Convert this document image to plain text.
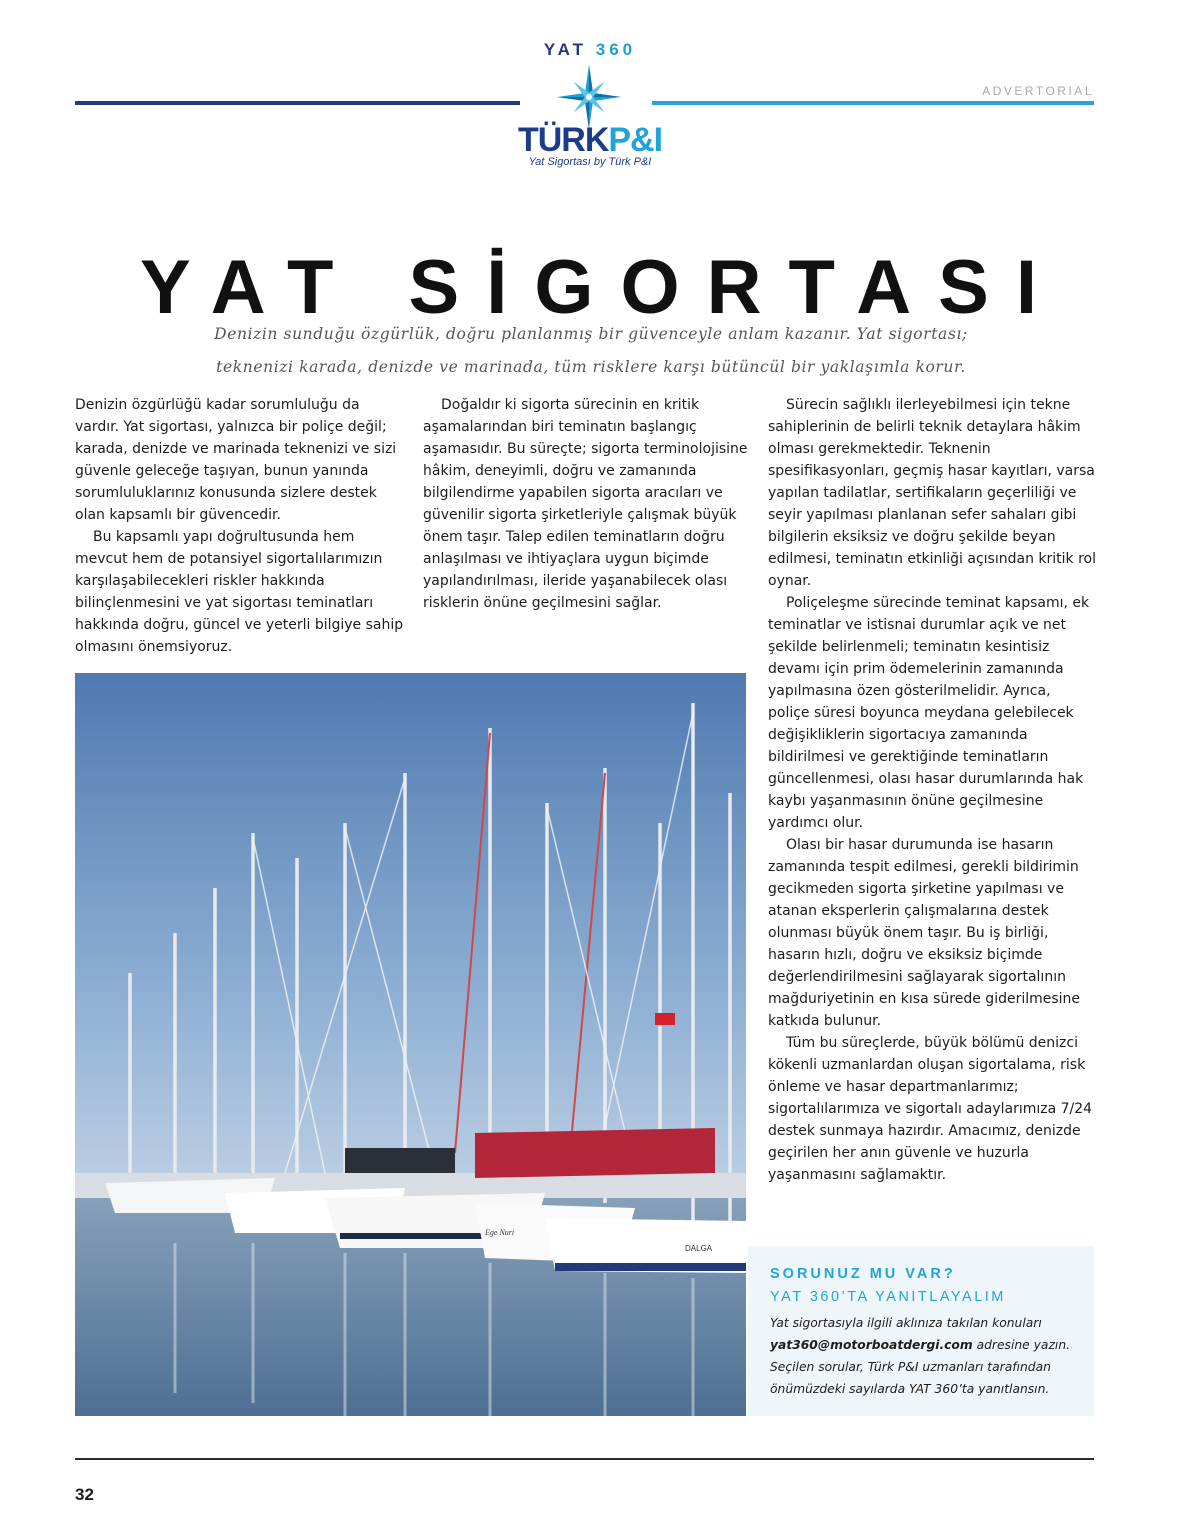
YAT 360
ADVERTORIAL
TÜRKP&I
Yat Sigortası by Türk P&I
YAT SİGORTASI
Denizin sunduğu özgürlük, doğru planlanmış bir güvenceyle anlam kazanır. Yat sigortası;
teknenizi karada, denizde ve marinada, tüm risklere karşı bütüncül bir yaklaşımla korur.

Denizin özgürlüğü kadar sorumluluğu da vardır. Yat sigortası, yalnızca bir poliçe değil; karada, denizde ve marinada teknenizi ve sizi güvenle geleceğe taşıyan, bunun yanında sorumluluklarınız konusunda sizlere destek olan kapsamlı bir güvencedir.

Bu kapsamlı yapı doğrultusunda hem mevcut hem de potansiyel sigortalılarımızın karşılaşabilecekleri riskler hakkında bilinçlenmesini ve yat sigortası teminatları hakkında doğru, güncel ve yeterli bilgiye sahip olmasını önemsiyoruz.

Doğaldır ki sigorta sürecinin en kritik aşamalarından biri teminatın başlangıç aşamasıdır. Bu süreçte; sigorta terminolojisine hâkim, deneyimli, doğru ve zamanında bilgilendirme yapabilen sigorta aracıları ve güvenilir sigorta şirketleriyle çalışmak büyük önem taşır. Talep edilen teminatların doğru anlaşılması ve ihtiyaçlara uygun biçimde yapılandırılması, ileride yaşanabilecek olası risklerin önüne geçilmesini sağlar.

Sürecin sağlıklı ilerleyebilmesi için tekne sahiplerinin de belirli teknik detaylara hâkim olması gerekmektedir. Teknenin spesifikasyonları, geçmiş hasar kayıtları, varsa yapılan tadilatlar, sertifikaların geçerliliği ve seyir yapılması planlanan sefer sahaları gibi bilgilerin eksiksiz ve doğru şekilde beyan edilmesi, teminatın etkinliği açısından kritik rol oynar.

Poliçeleşme sürecinde teminat kapsamı, ek teminatlar ve istisnai durumlar açık ve net şekilde belirlenmeli; teminatın kesintisiz devamı için prim ödemelerinin zamanında yapılmasına özen gösterilmelidir. Ayrıca, poliçe süresi boyunca meydana gelebilecek değişikliklerin sigortacıya zamanında bildirilmesi ve gerektiğinde teminatların güncellenmesi, olası hasar durumlarında hak kaybı yaşanmasının önüne geçilmesine yardımcı olur.

Olası bir hasar durumunda ise hasarın zamanında tespit edilmesi, gerekli bildirimin gecikmeden sigorta şirketine yapılması ve atanan eksperlerin çalışmalarına destek olunması büyük önem taşır. Bu iş birliği, hasarın hızlı, doğru ve eksiksiz biçimde değerlendirilmesini sağlayarak sigortalının mağduriyetinin en kısa sürede giderilmesine katkıda bulunur.

Tüm bu süreçlerde, büyük bölümü denizci kökenli uzmanlardan oluşan sigortalama, risk önleme ve hasar departmanlarımız; sigortalılarımıza ve sigortalı adaylarımıza 7/24 destek sunmaya hazırdır. Amacımız, denizde geçirilen her anın güvenle ve huzurla yaşanmasını sağlamaktır.

DALGA
Ege Nuri
SORUNUZ MU VAR?
YAT 360’TA YANITLAYALIM
Yat sigortasıyla ilgili aklınıza takılan konuları yat360@motorboatdergi.com adresine yazın. Seçilen sorular, Türk P&I uzmanları tarafından önümüzdeki sayılarda YAT 360’ta yanıtlansın.
32
